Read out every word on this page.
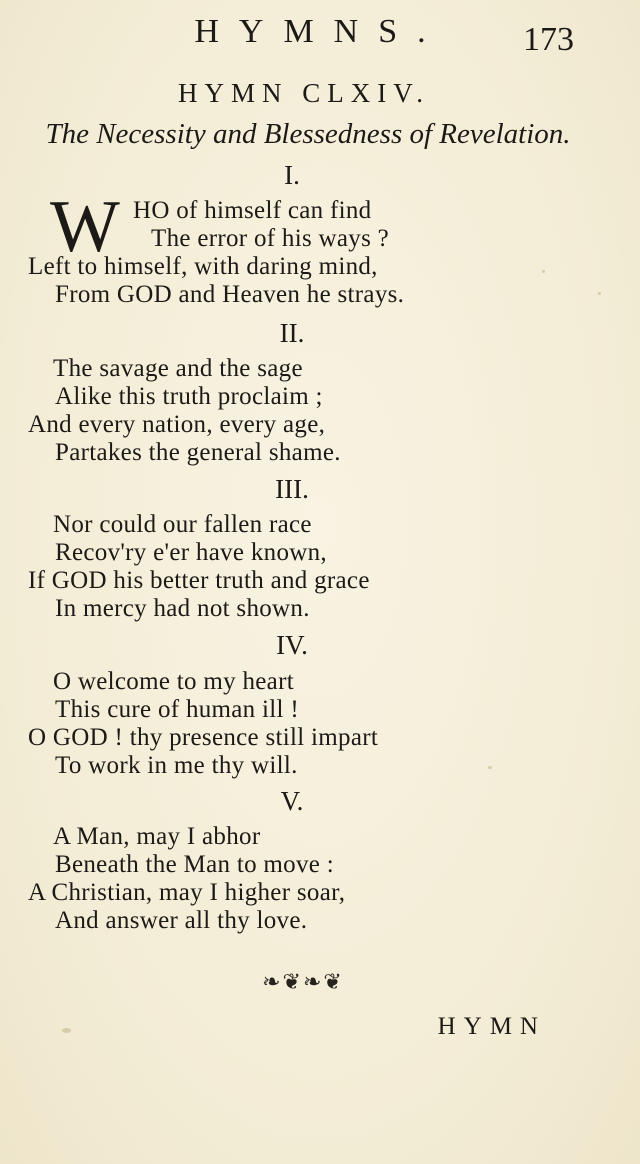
HYMNS.	173
HYMN CLXIV.
The Necessity and Blessedness of Revelation.
I.
W HO of himself can find
The error of his ways ?
Left to himself, with daring mind,
From GOD and Heaven he strays.
II.
The savage and the sage
Alike this truth proclaim ;
And every nation, every age,
Partakes the general shame.
III.
Nor could our fallen race
Recov'ry e'er have known,
If GOD his better truth and grace
In mercy had not shown.
IV.
O welcome to my heart
This cure of human ill !
O GOD ! thy presence still impart
To work in me thy will.
V.
A Man, may I abhor
Beneath the Man to move :
A Christian, may I higher soar,
And answer all thy love.
❧❦❧❦
HYMN
